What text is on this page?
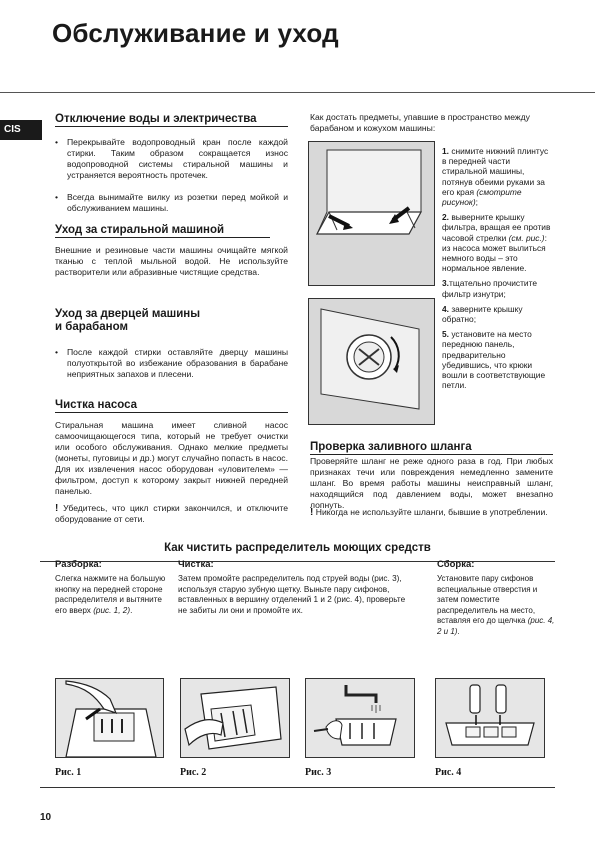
Обслуживание и уход
CIS
Отключение воды и электричества
• Перекрывайте водопроводный кран после каждой стирки. Таким образом сокращается износ водопроводной системы стиральной машины и устраняется вероятность протечек.
• Всегда вынимайте вилку из розетки перед мойкой и обслуживанием машины.
Уход за стиральной машиной
Внешние и резиновые части машины очищайте мягкой тканью с теплой мыльной водой. Не используйте растворители или абразивные чистящие средства.
Уход за дверцей машины
и барабаном
• После каждой стирки оставляйте дверцу машины полуоткрытой во избежание образования в барабане неприятных запахов и плесени.
Чистка насоса
Стиральная машина имеет сливной насос самоочищающегося типа, который не требует очистки или особого обслуживания. Однако мелкие предметы (монеты, пуговицы и др.) могут случайно попасть в насос. Для их извлечения насос оборудован «уловителем» — фильтром, доступ к которому закрыт нижней передней панелью.
! Убедитесь, что цикл стирки закончился, и отключите оборудование от сети.
Как достать предметы, упавшие в пространство между барабаном и кожухом машины:
1. снимите нижний плинтус в передней части стиральной машины, потянув обеими руками за его края (смотрите рисунок);
2. выверните крышку фильтра, вращая ее против часовой стрелки (см. рис.): из насоса может вылиться немного воды – это нормальное явление.
3.тщательно прочистите фильтр изнутри;
4. заверните крышку обратно;
5. установите на место переднюю панель, предварительно убедившись, что крюки вошли в соответствующие петли.
Проверка заливного шланга
Проверяйте шланг не реже одного раза в год. При любых признаках течи или повреждения немедленно замените шланг. Во время работы машины неисправный шланг, находящийся под давлением воды, может внезапно лопнуть.
! Никогда не используйте шланги, бывшие в употреблении.
Как чистить распределитель моющих средств
Разборка:
Слегка нажмите на большую кнопку на передней стороне распределителя и вытяните его вверх (рис. 1, 2).
Чистка:
Затем промойте распределитель под струей воды (рис. 3), используя старую зубную щетку. Выньте пару сифонов, вставленных в вершину отделений 1 и 2 (рис. 4), проверьте не забиты ли они и промойте их.
Сборка:
Установите пару сифонов вспециальные отверстия и затем поместите распределитель на место, вставляя его до щелчка (рис. 4, 2 и 1).
Рис. 1	Рис. 2	Рис. 3	Рис. 4
10
